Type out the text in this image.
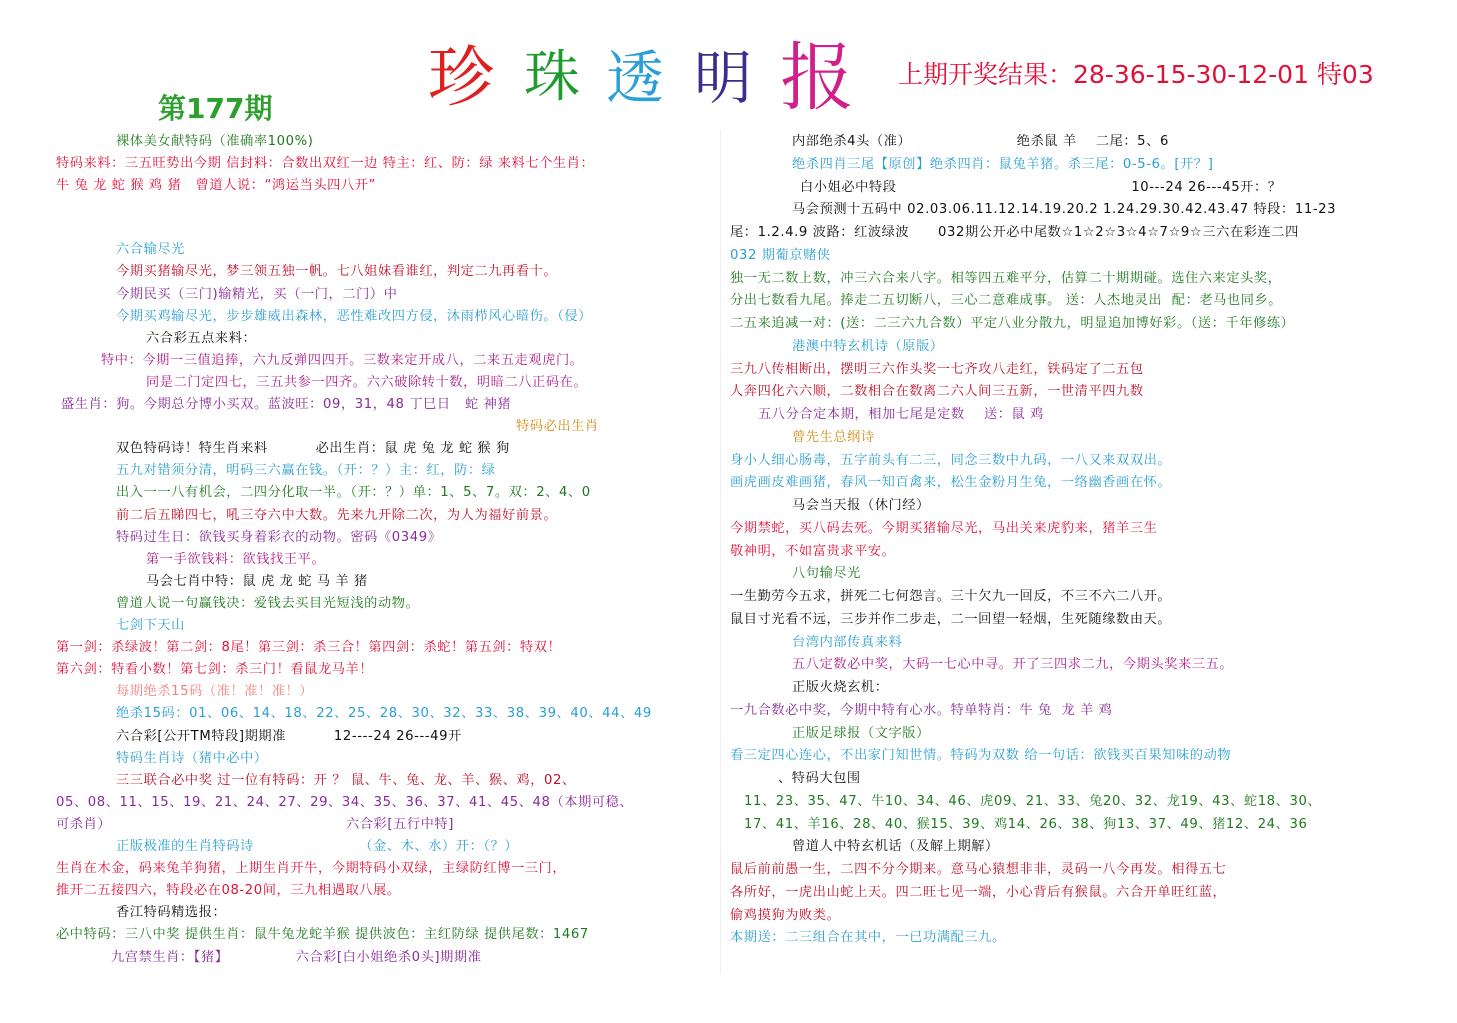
珍 珠 透 明 报 上期开奖结果：28-36-15-30-12-01 特03
第177期
裸体美女献特码（准确率100%)
特码来料：三五旺势出今期 信封料：合数出双红一边 特主：红、防：绿 来料七个生肖：
牛 兔 龙 蛇 猴 鸡 猪   曾道人说：“鸿运当头四八开”
六合输尽光
今期买猪输尽光，梦三领五独一帆。七八姐妹看谁红，判定二九再看十。
今期民买（三门)输精光，买（一门，二门）中
今期买鸡输尽光，步步雄威出森林，恶性难改四方侵，沐雨栉风心暗伤。（侵）
六合彩五点来料：
特中：今期一三值追捧，六九反弹四四开。三数来定开成八，二来五走观虎门。
同是二门定四七，三五共参一四齐。六六破除转十数，明暗二八正码在。
盛生肖：狗。今期总分博小买双。蓝波旺：09，31，48 丁巳日   蛇 神猪
特码必出生肖
双色特码诗！特生肖来料          必出生肖：鼠 虎 兔 龙 蛇 猴 狗
五九对错须分清，明码三六赢在钱。（开：？）主：红，防：绿
出入一一八有机会，二四分化取一半。（开：？）单：1、5、7。双：2、4、0
前二后五睇四七，吼三夺六中大数。先来九开除二次，为人为福好前景。
特码过生日：欲钱买身着彩衣的动物。密码《0349》
第一手欲钱料：欲钱找王平。
马会七肖中特：鼠 虎 龙 蛇 马 羊 猪
曾道人说一句赢钱决：爱钱去买目光短浅的动物。
七剑下天山
第一剑：杀绿波！第二剑：8尾！第三剑：杀三合！第四剑：杀蛇！第五剑：特双！
第六剑：特看小数！第七剑：杀三门！看鼠龙马羊！
每期绝杀15码（准！准！准！）
绝杀15码：01、06、14、18、22、25、28、30、32、33、38、39、40、44、49
六合彩[公开TM特段]期期准          12----24 26---49开
特码生肖诗（猪中必中）
三三联合必中奖 过一位有特码：开 ？ 鼠、牛、兔、龙、羊、猴、鸡，02、
05、08、11、15、19、21、24、27、29、34、35、36、37、41、45、48（本期可稳、
可杀肖）                                                 六合彩[五行中特]
正版极准的生肖特码诗                      （金、木、水）开：（？）
生肖在木金，码来兔羊狗猪，上期生肖开牛，今期特码小双绿，主绿防红博一三门，
推开二五接四六，特段必在08-20间，三九相遇取八展。
香江特码精选报：
必中特码：三八中奖 提供生肖：鼠牛兔龙蛇羊猴 提供波色：主红防绿 提供尾数：1467
九宫禁生肖：【猪】              六合彩[白小姐绝杀0头]期期准
内部绝杀4头（准）                      绝杀鼠 羊    二尾：5、6
绝杀四肖三尾【原创】绝杀四肖：鼠兔羊猪。杀三尾：0-5-6。[开？]
白小姐必中特段                                                 10---24 26---45开：？
马会预测十五码中 02.03.06.11.12.14.19.20.2 1.24.29.30.42.43.47 特段：11-23
尾：1.2.4.9 波路：红波绿波      032期公开必中尾数☆1☆2☆3☆4☆7☆9☆三六在彩连二四
032 期葡京赌侠
独一无二数上数，冲三六合来八字。相等四五难平分，估算二十期期碰。选住六来定头奖，
分出七数看九尾。捧走二五切断八，三心二意难成事。 送：人杰地灵出  配：老马也同乡。
二五来追减一对：(送：二三六九合数）平定八业分散九，明显追加博好彩。（送：千年修练）
港澳中特玄机诗（原版）
三九八传相断出，摆明三六作头奖一七齐攻八走红，铁码定了二五包
人奔四化六六顺，二数相合在数离二六人间三五新，一世清平四九数
五八分合定本期，相加七尾是定数    送：鼠 鸡
曾先生总纲诗
身小人细心肠毒，五字前头有二三，同念三数中九码，一八又来双双出。
画虎画皮难画猪，春风一知百禽来，松生金粉月生兔，一络幽香画在怀。
马会当天报（休门经）
今期禁蛇，买八码去死。今期买猪输尽光，马出关来虎豹来，猪羊三生
敬神明，不如富贵求平安。
八句输尽光
一生勤劳今五求，拼死二七何怨言。三十欠九一回反，不三不六二八开。
鼠目寸光看不远，三步并作二步走，二一回望一轻烟，生死随缘数由天。
台湾内部传真来料
五八定数必中奖，大码一七心中寻。开了三四求二九，今期头奖来三五。
正版火烧玄机：
一九合数必中奖，今期中特有心水。特单特肖：牛 兔  龙 羊 鸡
正版足球报（文字版）
看三定四心连心，不出家门知世情。特码为双数 给一句话：欲钱买百果知味的动物
、特码大包围
11、23、35、47、牛10、34、46、虎09、21、33、兔20、32、龙19、43、蛇18、30、
17、41、羊16、28、40、猴15、39、鸡14、26、38、狗13、37、49、猪12、24、36
曾道人中特玄机话（及解上期解）
鼠后前前愚一生，二四不分今期来。意马心猿想非非，灵码一八今再发。相得五七
各所好，一虎出山蛇上天。四二旺七见一端，小心背后有猴鼠。六合开单旺红蓝，
偷鸡摸狗为败类。
本期送：二三组合在其中，一已功满配三九。
